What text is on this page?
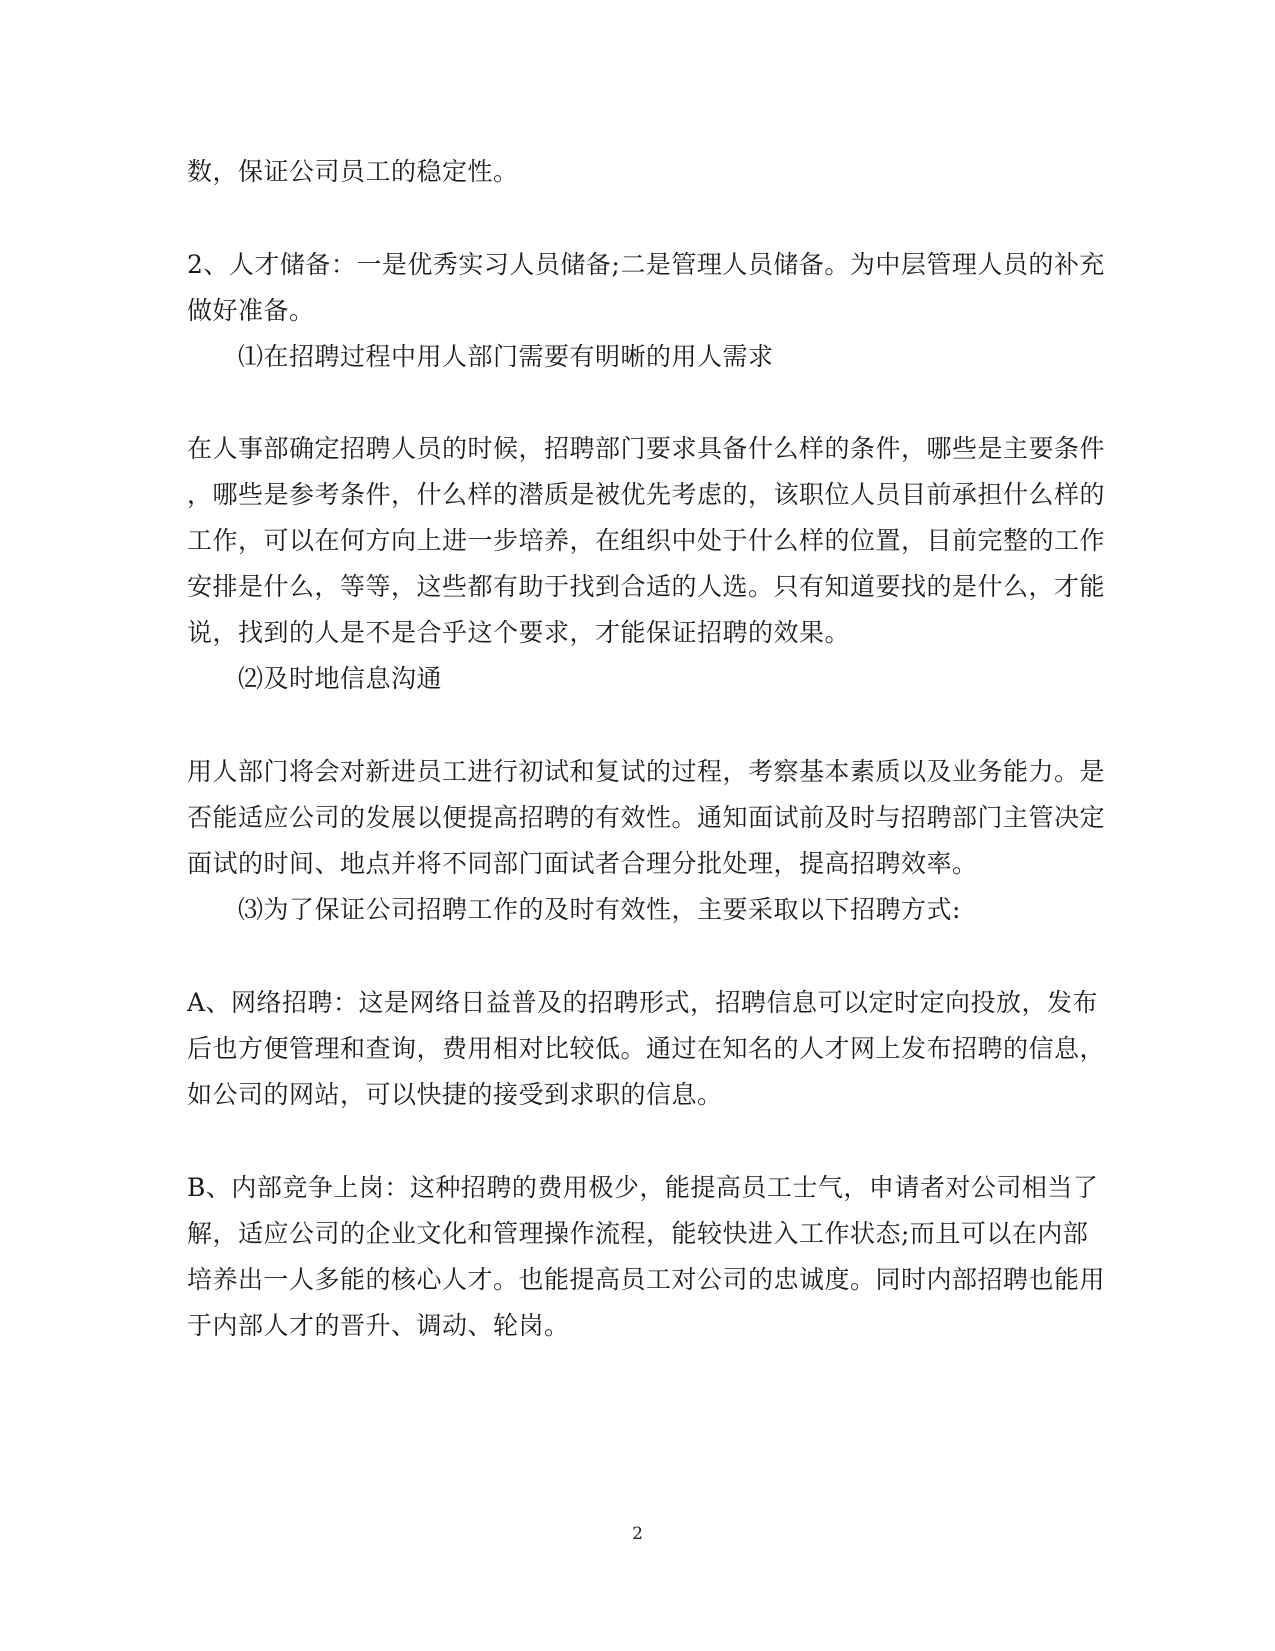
数，保证公司员工的稳定性。
2、人才储备：一是优秀实习人员储备;二是管理人员储备。为中层管理人员的补充
做好准备。
⑴在招聘过程中用人部门需要有明晰的用人需求
在人事部确定招聘人员的时候，招聘部门要求具备什么样的条件，哪些是主要条件
，哪些是参考条件，什么样的潜质是被优先考虑的，该职位人员目前承担什么样的
工作，可以在何方向上进一步培养，在组织中处于什么样的位置，目前完整的工作
安排是什么，等等，这些都有助于找到合适的人选。只有知道要找的是什么，才能
说，找到的人是不是合乎这个要求，才能保证招聘的效果。
⑵及时地信息沟通
用人部门将会对新进员工进行初试和复试的过程，考察基本素质以及业务能力。是
否能适应公司的发展以便提高招聘的有效性。通知面试前及时与招聘部门主管决定
面试的时间、地点并将不同部门面试者合理分批处理，提高招聘效率。
⑶为了保证公司招聘工作的及时有效性，主要采取以下招聘方式:
A、网络招聘：这是网络日益普及的招聘形式，招聘信息可以定时定向投放，发布
后也方便管理和查询，费用相对比较低。通过在知名的人才网上发布招聘的信息，
如公司的网站，可以快捷的接受到求职的信息。
B、内部竞争上岗：这种招聘的费用极少，能提高员工士气，申请者对公司相当了
解，适应公司的企业文化和管理操作流程，能较快进入工作状态;而且可以在内部
培养出一人多能的核心人才。也能提高员工对公司的忠诚度。同时内部招聘也能用
于内部人才的晋升、调动、轮岗。
2
